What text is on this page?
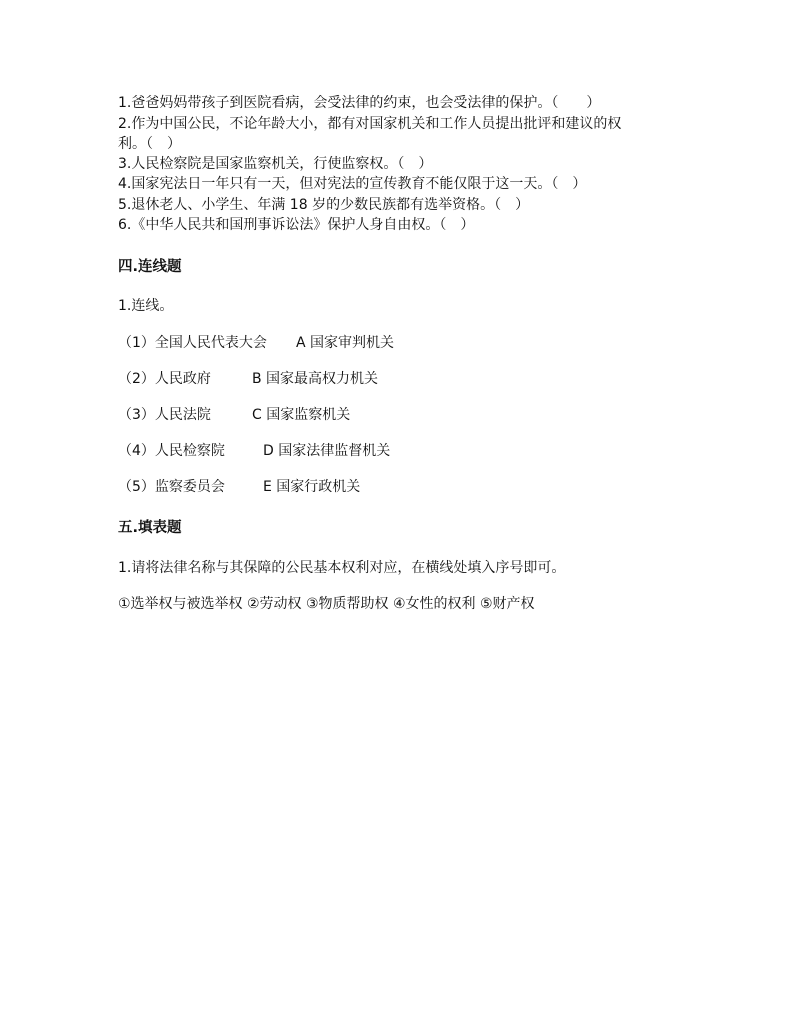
1.爸爸妈妈带孩子到医院看病，会受法律的约束，也会受法律的保护。（　　）
2.作为中国公民，不论年龄大小，都有对国家机关和工作人员提出批评和建议的权
利。（　）
3.人民检察院是国家监察机关，行使监察权。（　）
4.国家宪法日一年只有一天，但对宪法的宣传教育不能仅限于这一天。（　）
5.退休老人、小学生、年满 18 岁的少数民族都有选举资格。（　）
6.《中华人民共和国刑事诉讼法》保护人身自由权。（　）
四.连线题
1.连线。
（1）全国人民代表大会 A 国家审判机关
（2）人民政府	B 国家最高权力机关
（3）人民法院	C 国家监察机关
（4）人民检察院	D 国家法律监督机关
（5）监察委员会	E 国家行政机关
五.填表题
1.请将法律名称与其保障的公民基本权利对应，在横线处填入序号即可。
①选举权与被选举权 ②劳动权 ③物质帮助权 ④女性的权利 ⑤财产权
